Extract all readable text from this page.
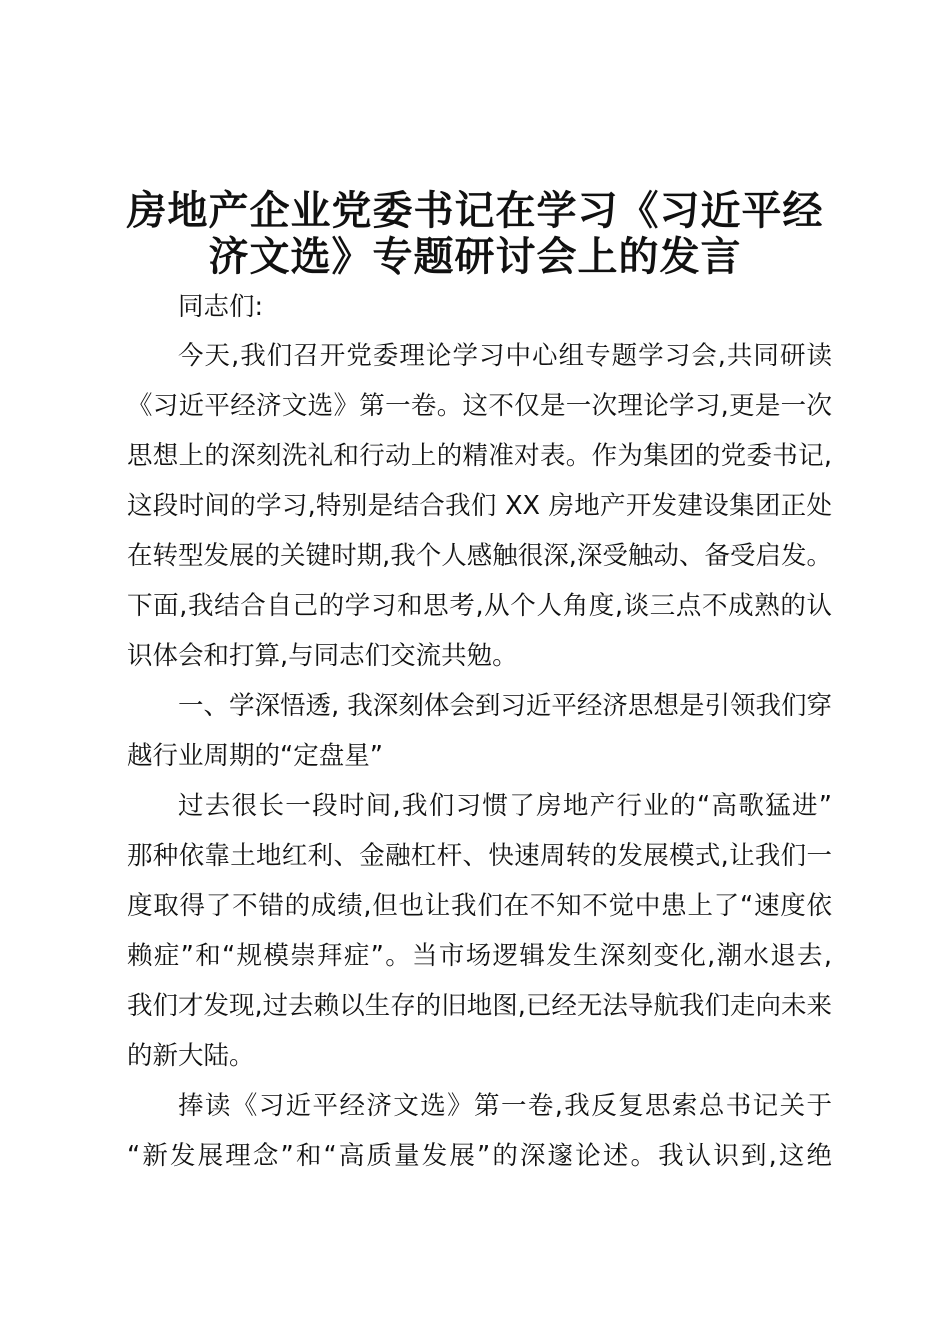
房地产企业党委书记在学习《习近平经
济文选》专题研讨会上的发言

同志们:

今天,我们召开党委理论学习中心组专题学习会,共同研读

《习近平经济文选》第一卷。这不仅是一次理论学习,更是一次

思想上的深刻洗礼和行动上的精准对表。作为集团的党委书记,

这段时间的学习,特别是结合我们 XX 房地产开发建设集团正处

在转型发展的关键时期,我个人感触很深,深受触动、备受启发。

下面,我结合自己的学习和思考,从个人角度,谈三点不成熟的认

识体会和打算,与同志们交流共勉。

一、学深悟透, 我深刻体会到习近平经济思想是引领我们穿

越行业周期的“定盘星”

过去很长一段时间,我们习惯了房地产行业的“高歌猛进”

那种依靠土地红利、金融杠杆、快速周转的发展模式,让我们一

度取得了不错的成绩,但也让我们在不知不觉中患上了“速度依

赖症”和“规模崇拜症”。当市场逻辑发生深刻变化,潮水退去,

我们才发现,过去赖以生存的旧地图,已经无法导航我们走向未来

的新大陆。

捧读《习近平经济文选》第一卷,我反复思索总书记关于

“新发展理念”和“高质量发展”的深邃论述。我认识到,这绝
